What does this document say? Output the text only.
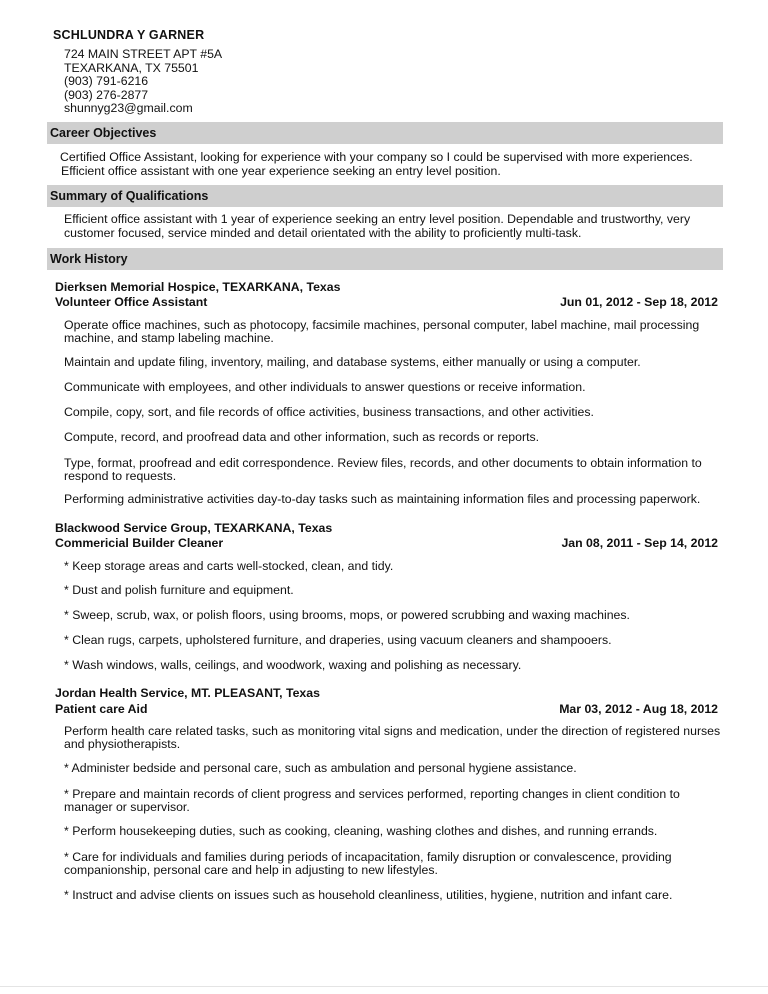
SCHLUNDRA Y GARNER
724 MAIN STREET APT #5A
TEXARKANA, TX 75501
(903) 791-6216
(903) 276-2877
shunnyg23@gmail.com
Career Objectives
Certified Office Assistant, looking for experience with your company so I could be supervised with more experiences.
Efficient office assistant with one year experience seeking an entry level position.
Summary of Qualifications
Efficient office assistant with 1 year of experience seeking an entry level position. Dependable and trustworthy, very customer focused, service minded and detail orientated with the ability to proficiently multi-task.
Work History
Dierksen Memorial Hospice, TEXARKANA, Texas
Volunteer Office Assistant	Jun 01, 2012 - Sep 18, 2012
Operate office machines, such as photocopy, facsimile machines, personal computer, label machine, mail processing machine, and stamp labeling machine.
Maintain and update filing, inventory, mailing, and database systems, either manually or using a computer.
Communicate with employees, and other individuals to answer questions or receive information.
Compile, copy, sort, and file records of office activities, business transactions, and other activities.
Compute, record, and proofread data and other information, such as records or reports.
Type, format, proofread and edit correspondence. Review files, records, and other documents to obtain information to respond to requests.
Performing administrative activities day-to-day tasks such as maintaining information files and processing paperwork.
Blackwood Service Group, TEXARKANA, Texas
Commericial Builder Cleaner	Jan 08, 2011 - Sep 14, 2012
* Keep storage areas and carts well-stocked, clean, and tidy.
* Dust and polish furniture and equipment.
* Sweep, scrub, wax, or polish floors, using brooms, mops, or powered scrubbing and waxing machines.
* Clean rugs, carpets, upholstered furniture, and draperies, using vacuum cleaners and shampooers.
* Wash windows, walls, ceilings, and woodwork, waxing and polishing as necessary.
Jordan Health Service, MT. PLEASANT, Texas
Patient care Aid	Mar 03, 2012 - Aug 18, 2012
Perform health care related tasks, such as monitoring vital signs and medication, under the direction of registered nurses and physiotherapists.
* Administer bedside and personal care, such as ambulation and personal hygiene assistance.
* Prepare and maintain records of client progress and services performed, reporting changes in client condition to manager or supervisor.
* Perform housekeeping duties, such as cooking, cleaning, washing clothes and dishes, and running errands.
* Care for individuals and families during periods of incapacitation, family disruption or convalescence, providing companionship, personal care and help in adjusting to new lifestyles.
* Instruct and advise clients on issues such as household cleanliness, utilities, hygiene, nutrition and infant care.
